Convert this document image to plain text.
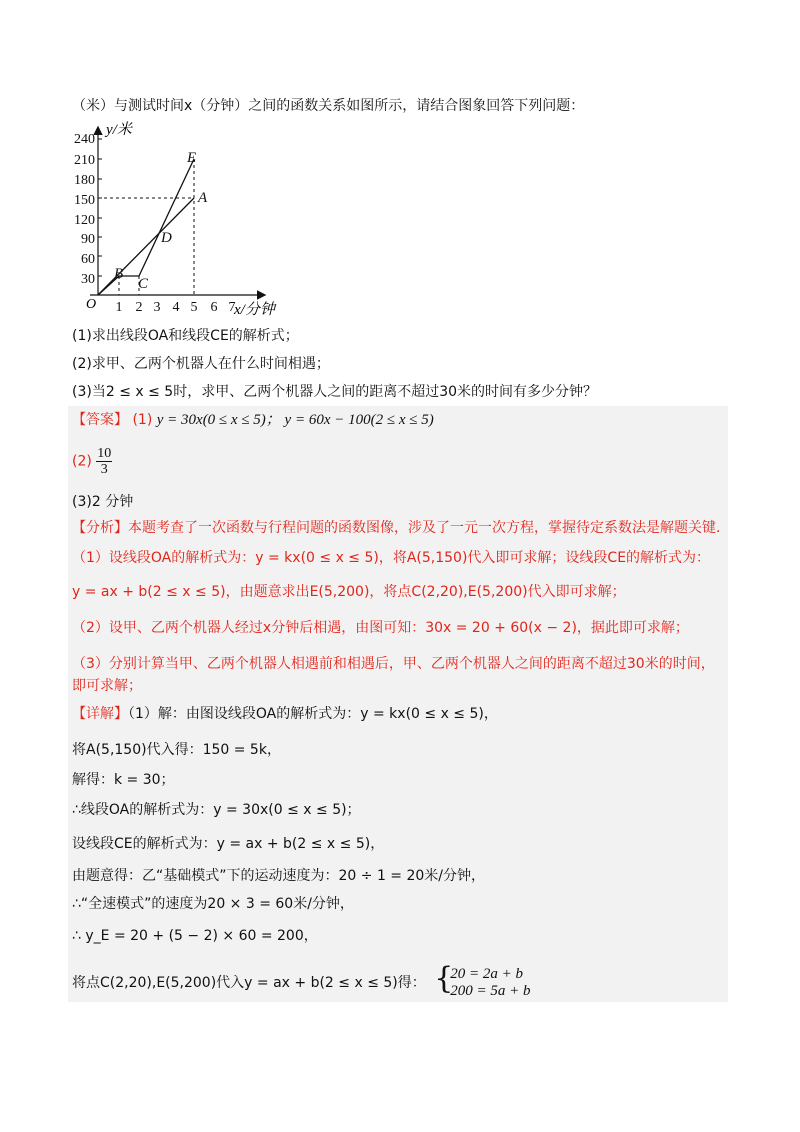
（米）与测试时间x（分钟）之间的函数关系如图所示，请结合图象回答下列问题：
240
210
180
150
120
90
60
30
1 2 3 4 5 6 7
O
y/米
x/分钟
E
A
D
B
C
(1)求出线段OA和线段CE的解析式；
(2)求甲、乙两个机器人在什么时间相遇；
(3)当2 ≤ x ≤ 5时，求甲、乙两个机器人之间的距离不超过30米的时间有多少分钟？
【答案】 (1) y = 30x(0 ≤ x ≤ 5)； y = 60x − 100(2 ≤ x ≤ 5)
$(2) \frac{10}{3}$
(3)2 分钟
【分析】本题考查了一次函数与行程问题的函数图像，涉及了一元一次方程，掌握待定系数法是解题关键．
（1）设线段OA的解析式为：y = kx(0 ≤ x ≤ 5)，将A(5,150)代入即可求解；设线段CE的解析式为：
y = ax + b(2 ≤ x ≤ 5)，由题意求出E(5,200)，将点C(2,20),E(5,200)代入即可求解；
（2）设甲、乙两个机器人经过x分钟后相遇，由图可知：30x = 20 + 60(x − 2)，据此即可求解；
（3）分别计算当甲、乙两个机器人相遇前和相遇后，甲、乙两个机器人之间的距离不超过30米的时间，
即可求解；
【详解】（1）解：由图设线段OA的解析式为：y = kx(0 ≤ x ≤ 5)，
将A(5,150)代入得：150 = 5k，
解得：k = 30；
∴线段OA的解析式为：y = 30x(0 ≤ x ≤ 5)；
设线段CE的解析式为：y = ax + b(2 ≤ x ≤ 5)，
由题意得：乙“基础模式”下的运动速度为：20 ÷ 1 = 20米/分钟，
∴“全速模式”的速度为20 × 3 = 60米/分钟，
∴ y_E = 20 + (5 − 2) × 60 = 200，
将点C(2,20),E(5,200)代入y = ax + b(2 ≤ x ≤ 5)得： {
20 = 2a + b
200 = 5a + b
